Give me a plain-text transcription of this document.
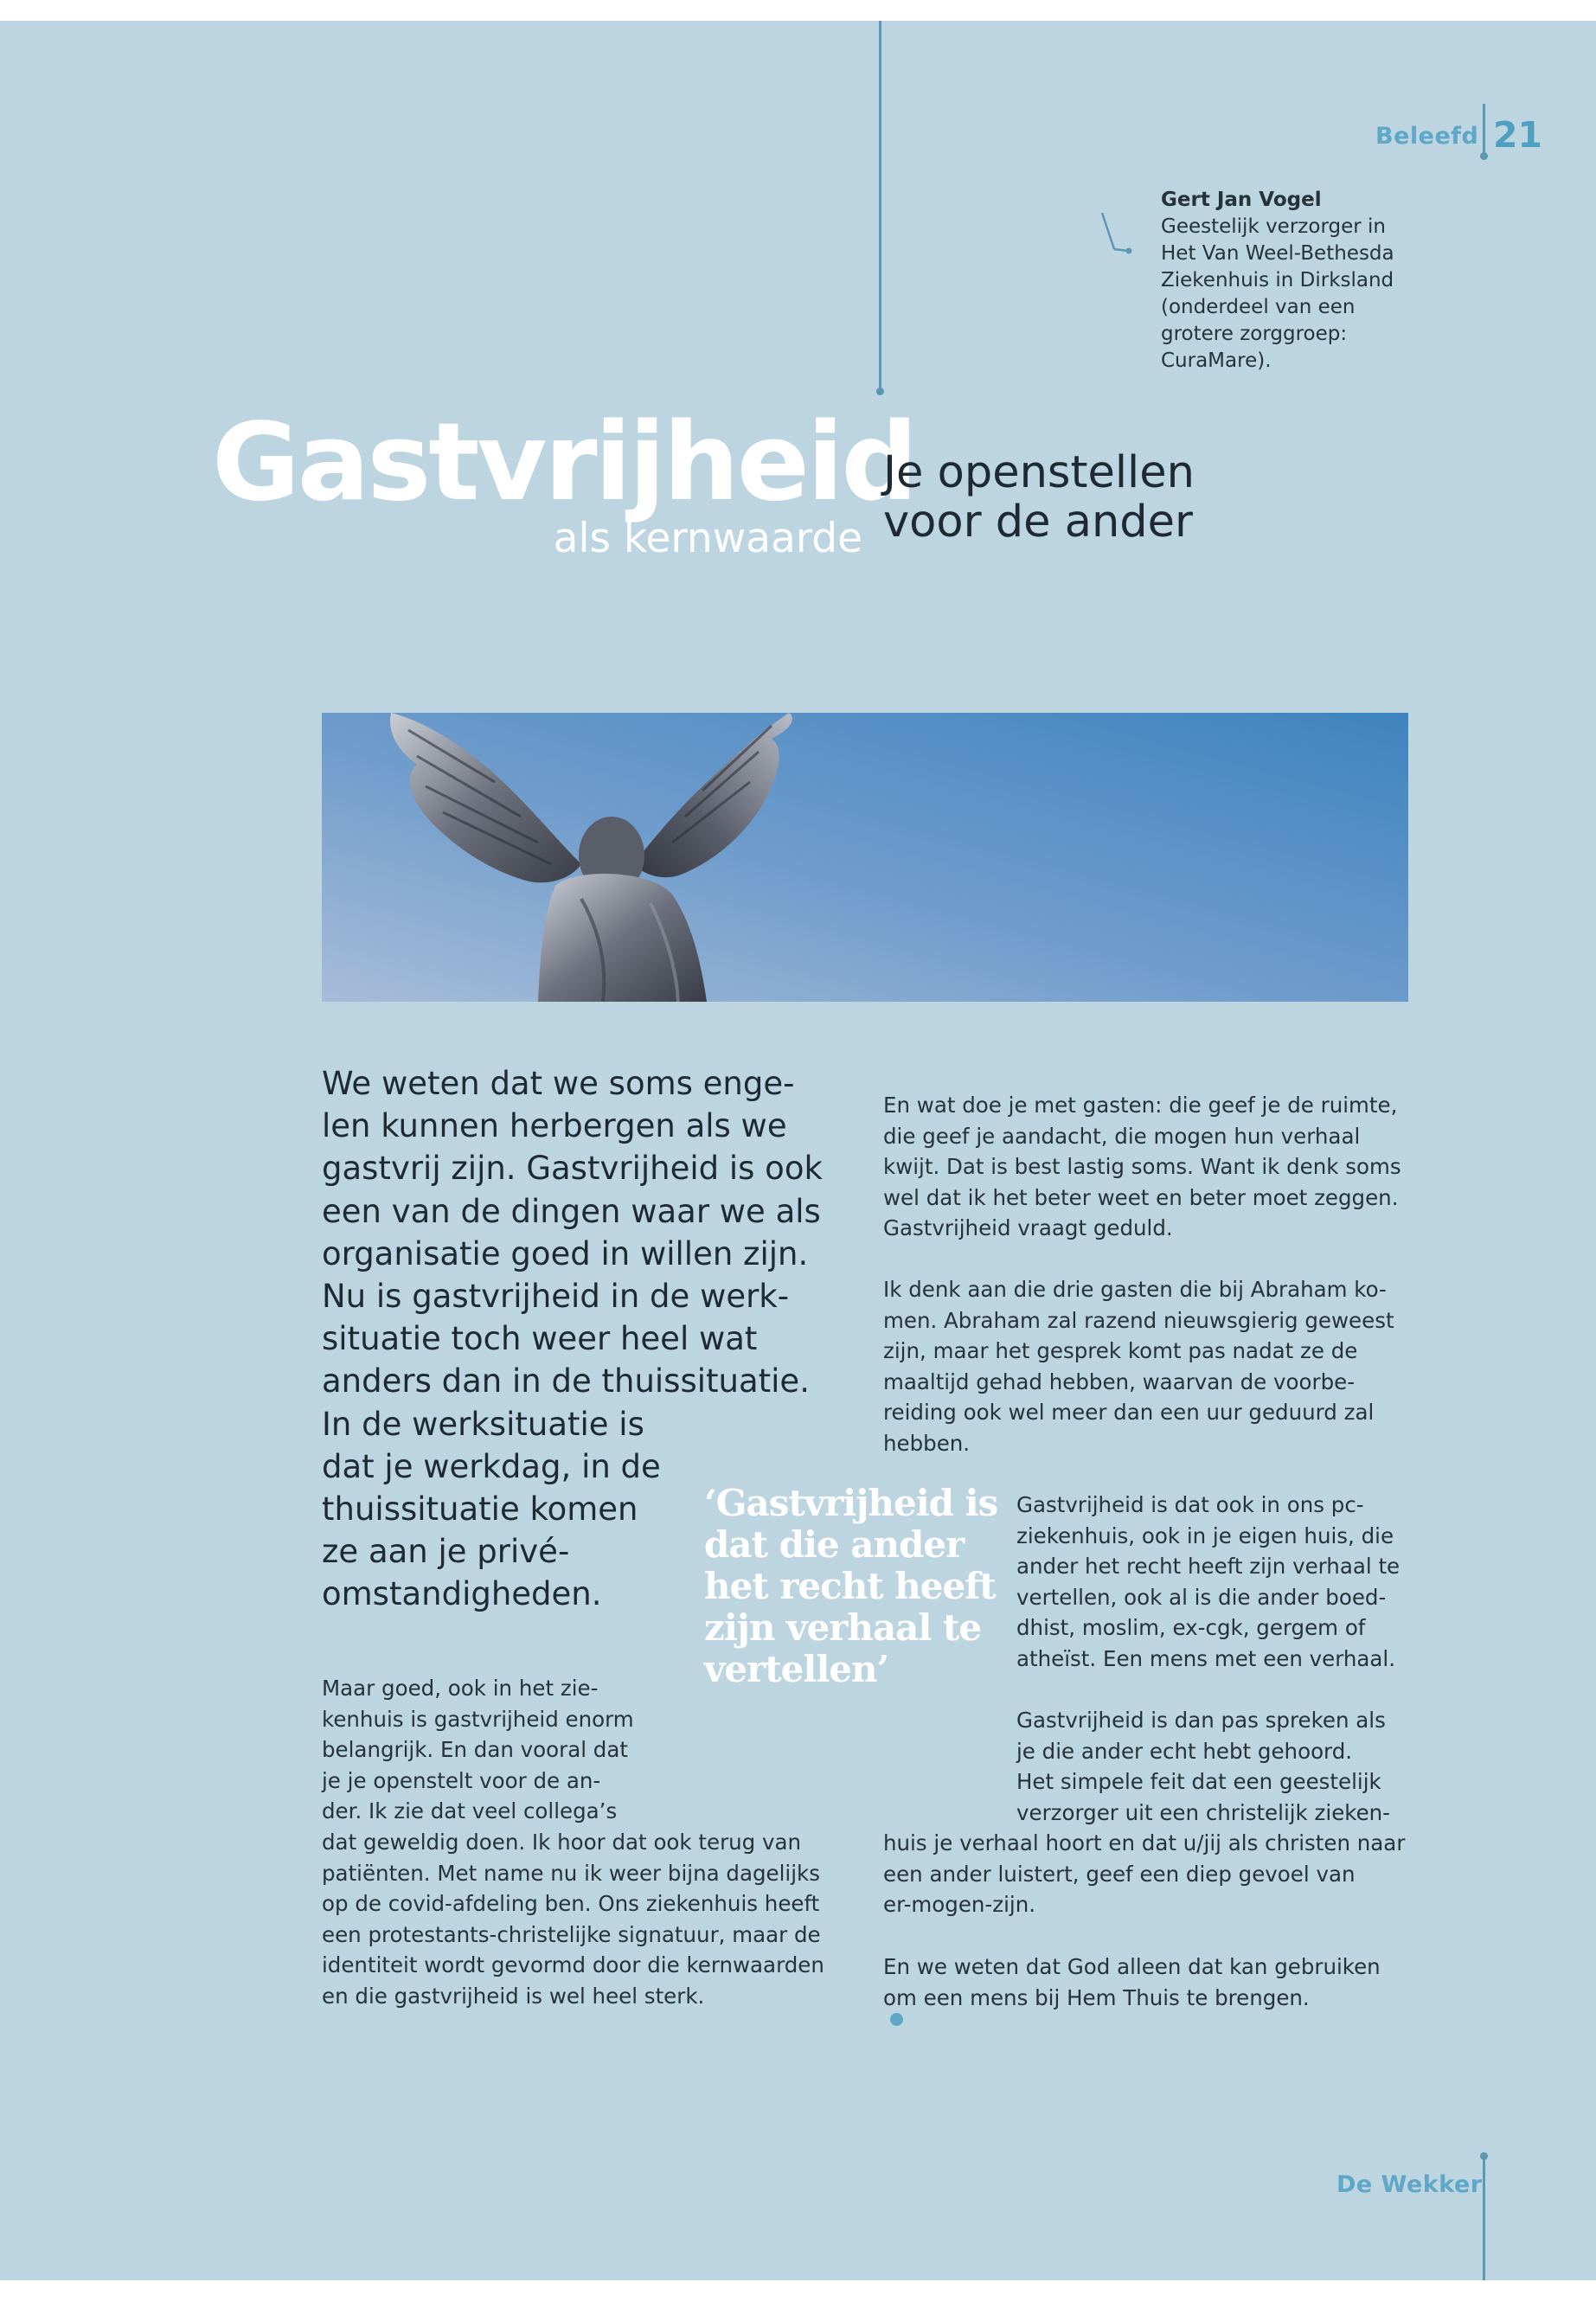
Beleefd 21
Gert Jan Vogel
Geestelijk verzorger in
Het Van Weel-Bethesda
Ziekenhuis in Dirksland
(onderdeel van een
grotere zorggroep:
CuraMare).
Gastvrijheid
als kernwaarde
Je openstellen
voor de ander
We weten dat we soms enge-
len kunnen herbergen als we
gastvrij zijn. Gastvrijheid is ook
een van de dingen waar we als
organisatie goed in willen zijn.
Nu is gastvrijheid in de werk-
situatie toch weer heel wat
anders dan in de thuissituatie.
In de werksituatie is
dat je werkdag, in de
thuissituatie komen
ze aan je privé-
omstandigheden.
Maar goed, ook in het zie-
kenhuis is gastvrijheid enorm
belangrijk. En dan vooral dat
je je openstelt voor de an-
der. Ik zie dat veel collega’s
dat geweldig doen. Ik hoor dat ook terug van
patiënten. Met name nu ik weer bijna dagelijks
op de covid-afdeling ben. Ons ziekenhuis heeft
een protestants-christelijke signatuur, maar de
identiteit wordt gevormd door die kernwaarden
en die gastvrijheid is wel heel sterk.
‘Gastvrijheid is
dat die ander
het recht heeft
zijn verhaal te
vertellen’
En wat doe je met gasten: die geef je de ruimte,
die geef je aandacht, die mogen hun verhaal
kwijt. Dat is best lastig soms. Want ik denk soms
wel dat ik het beter weet en beter moet zeggen.
Gastvrijheid vraagt geduld.
Ik denk aan die drie gasten die bij Abraham ko-
men. Abraham zal razend nieuwsgierig geweest
zijn, maar het gesprek komt pas nadat ze de
maaltijd gehad hebben, waarvan de voorbe-
reiding ook wel meer dan een uur geduurd zal
hebben.
Gastvrijheid is dat ook in ons pc-
ziekenhuis, ook in je eigen huis, die
ander het recht heeft zijn verhaal te
vertellen, ook al is die ander boed-
dhist, moslim, ex-cgk, gergem of
atheïst. Een mens met een verhaal.
Gastvrijheid is dan pas spreken als
je die ander echt hebt gehoord.
Het simpele feit dat een geestelijk
verzorger uit een christelijk zieken-
huis je verhaal hoort en dat u/jij als christen naar
een ander luistert, geef een diep gevoel van
er-mogen-zijn.
En we weten dat God alleen dat kan gebruiken
om een mens bij Hem Thuis te brengen.
De Wekker
